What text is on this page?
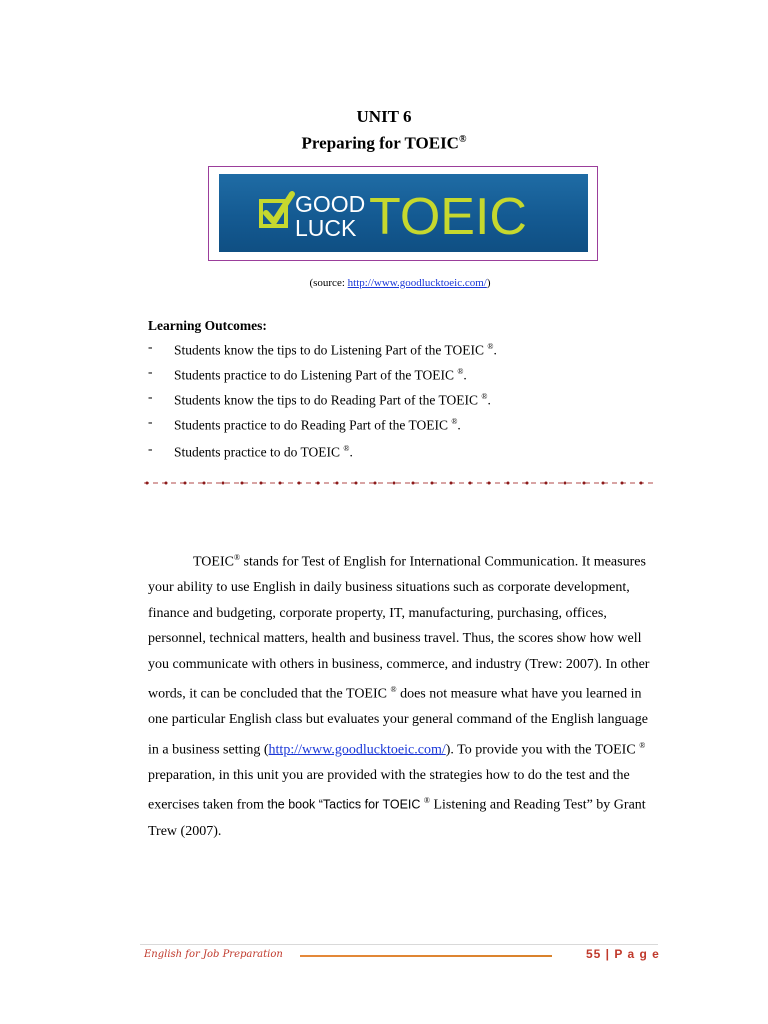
UNIT 6
Preparing for TOEIC®
GOOD
LUCK TOEIC
(source: http://www.goodlucktoeic.com/)
Learning Outcomes:
- Students know the tips to do Listening Part of the TOEIC ®.
- Students practice to do Listening Part of the TOEIC ®.
- Students know the tips to do Reading Part of the TOEIC ®.
- Students practice to do Reading Part of the TOEIC ®.
- Students practice to do TOEIC ®.
TOEIC® stands for Test of English for International Communication. It measures your ability to use English in daily business situations such as corporate development, finance and budgeting, corporate property, IT, manufacturing, purchasing, offices, personnel, technical matters, health and business travel. Thus, the scores show how well you communicate with others in business, commerce, and industry (Trew: 2007). In other words, it can be concluded that the TOEIC ® does not measure what have you learned in one particular English class but evaluates your general command of the English language in a business setting (http://www.goodlucktoeic.com/). To provide you with the TOEIC ® preparation, in this unit you are provided with the strategies how to do the test and the exercises taken from the book “Tactics for TOEIC ® Listening and Reading Test” by Grant Trew (2007).
English for Job Preparation	55 | P a g e
